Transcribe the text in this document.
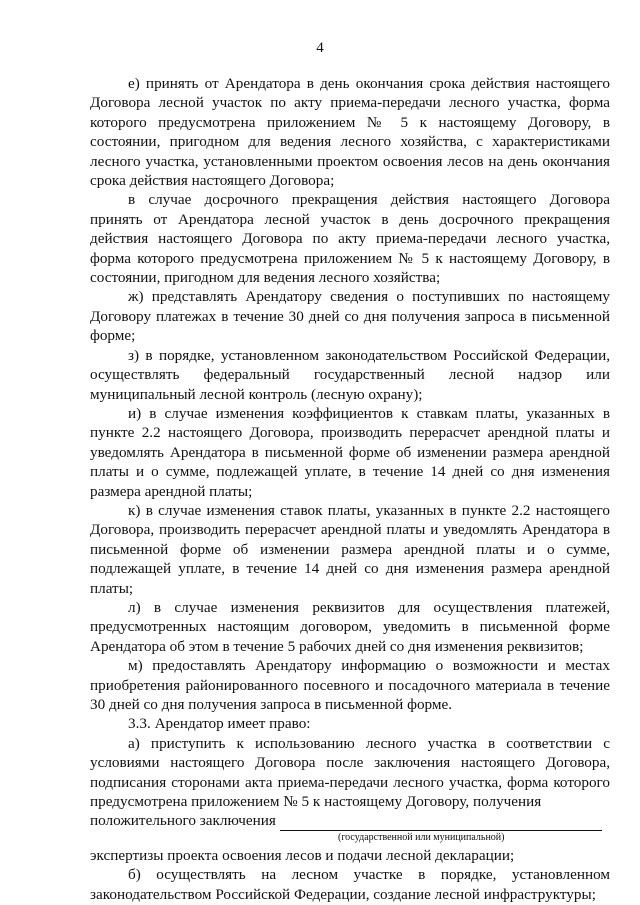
4

е) принять от Арендатора в день окончания срока действия настоящего Договора лесной участок по акту приема-передачи лесного участка, форма которого предусмотрена приложением № 5 к настоящему Договору, в состоянии, пригодном для ведения лесного хозяйства, с характеристиками лесного участка, установленными проектом освоения лесов на день окончания срока действия настоящего Договора;

в случае досрочного прекращения действия настоящего Договора принять от Арендатора лесной участок в день досрочного прекращения действия настоящего Договора по акту приема-передачи лесного участка, форма которого предусмотрена приложением № 5 к настоящему Договору, в состоянии, пригодном для ведения лесного хозяйства;

ж) представлять Арендатору сведения о поступивших по настоящему Договору платежах в течение 30 дней со дня получения запроса в письменной форме;

з) в порядке, установленном законодательством Российской Федерации, осуществлять федеральный государственный лесной надзор или муниципальный лесной контроль (лесную охрану);

и) в случае изменения коэффициентов к ставкам платы, указанных в пункте 2.2 настоящего Договора, производить перерасчет арендной платы и уведомлять Арендатора в письменной форме об изменении размера арендной платы и о сумме, подлежащей уплате, в течение 14 дней со дня изменения размера арендной платы;

к) в случае изменения ставок платы, указанных в пункте 2.2 настоящего Договора, производить перерасчет арендной платы и уведомлять Арендатора в письменной форме об изменении размера арендной платы и о сумме, подлежащей уплате, в течение 14 дней со дня изменения размера арендной платы;

л) в случае изменения реквизитов для осуществления платежей, предусмотренных настоящим договором, уведомить в письменной форме Арендатора об этом в течение 5 рабочих дней со дня изменения реквизитов;

м) предоставлять Арендатору информацию о возможности и местах приобретения районированного посевного и посадочного материала в течение 30 дней со дня получения запроса в письменной форме.

3.3. Арендатор имеет право:

а) приступить к использованию лесного участка в соответствии с условиями настоящего Договора после заключения настоящего Договора, подписания сторонами акта приема-передачи лесного участка, форма которого предусмотрена приложением № 5 к настоящему Договору, получения

положительного заключения

(государственной или муниципальной)

экспертизы проекта освоения лесов и подачи лесной декларации;

б) осуществлять на лесном участке в порядке, установленном законодательством Российской Федерации, создание лесной инфраструктуры;
